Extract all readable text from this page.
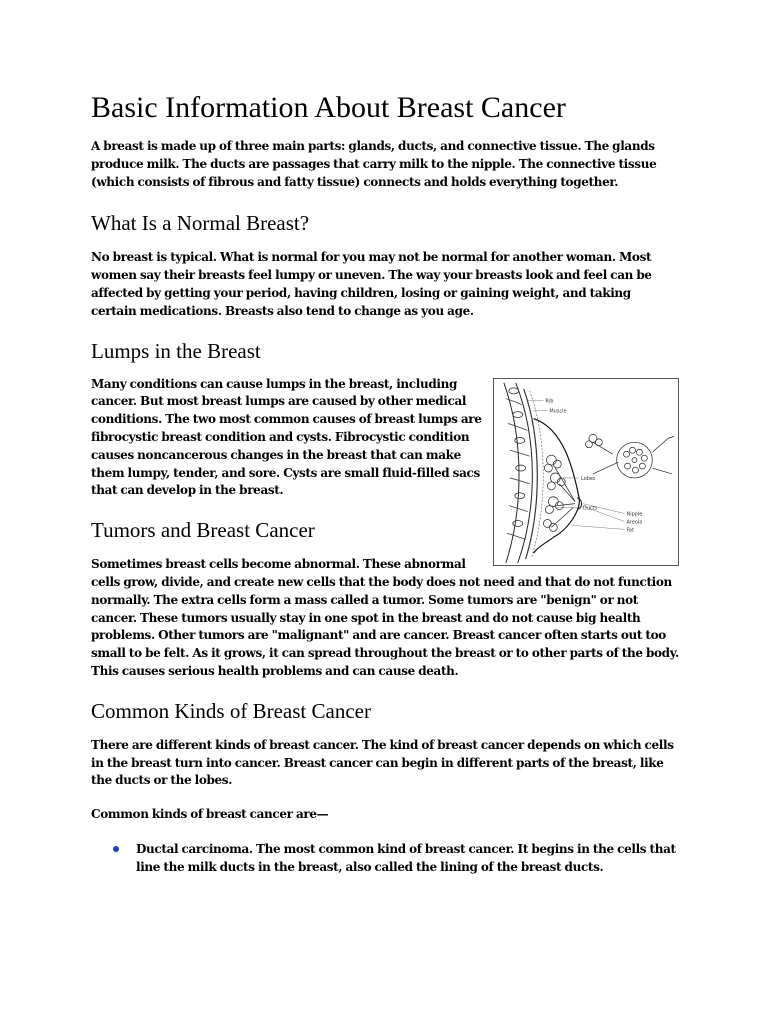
Basic Information About Breast Cancer

A breast is made up of three main parts: glands, ducts, and connective tissue. The glands produce milk. The ducts are passages that carry milk to the nipple. The connective tissue (which consists of fibrous and fatty tissue) connects and holds everything together.

What Is a Normal Breast?

No breast is typical. What is normal for you may not be normal for another woman. Most women say their breasts feel lumpy or uneven. The way your breasts look and feel can be affected by getting your period, having children, losing or gaining weight, and taking certain medications. Breasts also tend to change as you age.

Lumps in the Breast
Rib
Muscle
Lobes
Ducts
Nipple
Areola
Fat

Many conditions can cause lumps in the breast, including cancer. But most breast lumps are caused by other medical conditions. The two most common causes of breast lumps are fibrocystic breast condition and cysts. Fibrocystic condition causes noncancerous changes in the breast that can make them lumpy, tender, and sore. Cysts are small fluid-filled sacs that can develop in the breast.

Tumors and Breast Cancer

Sometimes breast cells become abnormal. These abnormal cells grow, divide, and create new cells that the body does not need and that do not function normally. The extra cells form a mass called a tumor. Some tumors are "benign" or not cancer. These tumors usually stay in one spot in the breast and do not cause big health problems. Other tumors are "malignant" and are cancer. Breast cancer often starts out too small to be felt. As it grows, it can spread throughout the breast or to other parts of the body. This causes serious health problems and can cause death.

Common Kinds of Breast Cancer

There are different kinds of breast cancer. The kind of breast cancer depends on which cells in the breast turn into cancer. Breast cancer can begin in different parts of the breast, like the ducts or the lobes.

Common kinds of breast cancer are—

Ductal carcinoma. The most common kind of breast cancer. It begins in the cells that line the milk ducts in the breast, also called the lining of the breast ducts.
